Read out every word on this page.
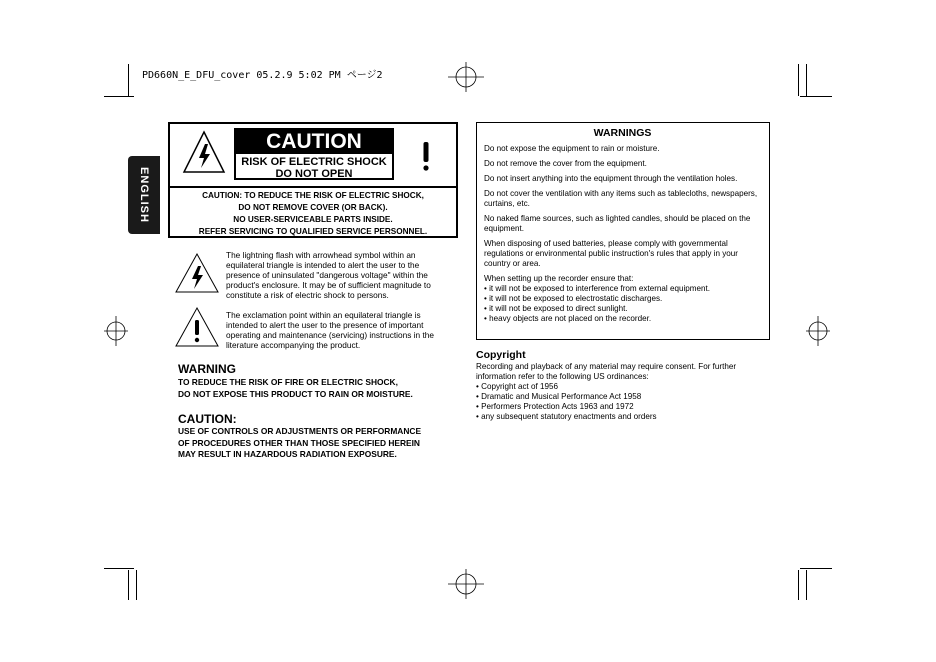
PD660N_E_DFU_cover 05.2.9 5:02 PM ページ2
ENGLISH
CAUTION
RISK OF ELECTRIC SHOCK
DO NOT OPEN
CAUTION: TO REDUCE THE RISK OF ELECTRIC SHOCK,
DO NOT REMOVE COVER (OR BACK).
NO USER-SERVICEABLE PARTS INSIDE.
REFER SERVICING TO QUALIFIED SERVICE PERSONNEL.
The lightning flash with arrowhead symbol within an equilateral triangle is intended to alert the user to the presence of uninsulated "dangerous voltage" within the product's enclosure. It may be of sufficient magnitude to constitute a risk of electric shock to persons.
The exclamation point within an equilateral triangle is intended to alert the user to the presence of important operating and maintenance (servicing) instructions in the literature accompanying the product.
WARNING
TO REDUCE THE RISK OF FIRE OR ELECTRIC SHOCK,
DO NOT EXPOSE THIS PRODUCT TO RAIN OR MOISTURE.
CAUTION:
USE OF CONTROLS OR ADJUSTMENTS OR PERFORMANCE
OF PROCEDURES OTHER THAN THOSE SPECIFIED HEREIN
MAY RESULT IN HAZARDOUS RADIATION EXPOSURE.
WARNINGS

Do not expose the equipment to rain or moisture.

Do not remove the cover from the equipment.

Do not insert anything into the equipment through the ventilation holes.

Do not cover the ventilation with any items such as tablecloths, newspapers, curtains, etc.

No naked flame sources, such as lighted candles, should be placed on the equipment.

When disposing of used batteries, please comply with governmental regulations or environmental public instruction's rules that apply in your country or area.

When setting up the recorder ensure that:

• it will not be exposed to interference from external equipment.
• it will not be exposed to electrostatic discharges.
• it will not be exposed to direct sunlight.
• heavy objects are not placed on the recorder.
Copyright
Recording and playback of any material may require consent. For further information refer to the following US ordinances:
• Copyright act of 1956
• Dramatic and Musical Performance Act 1958
• Performers Protection Acts 1963 and 1972
• any subsequent statutory enactments and orders
